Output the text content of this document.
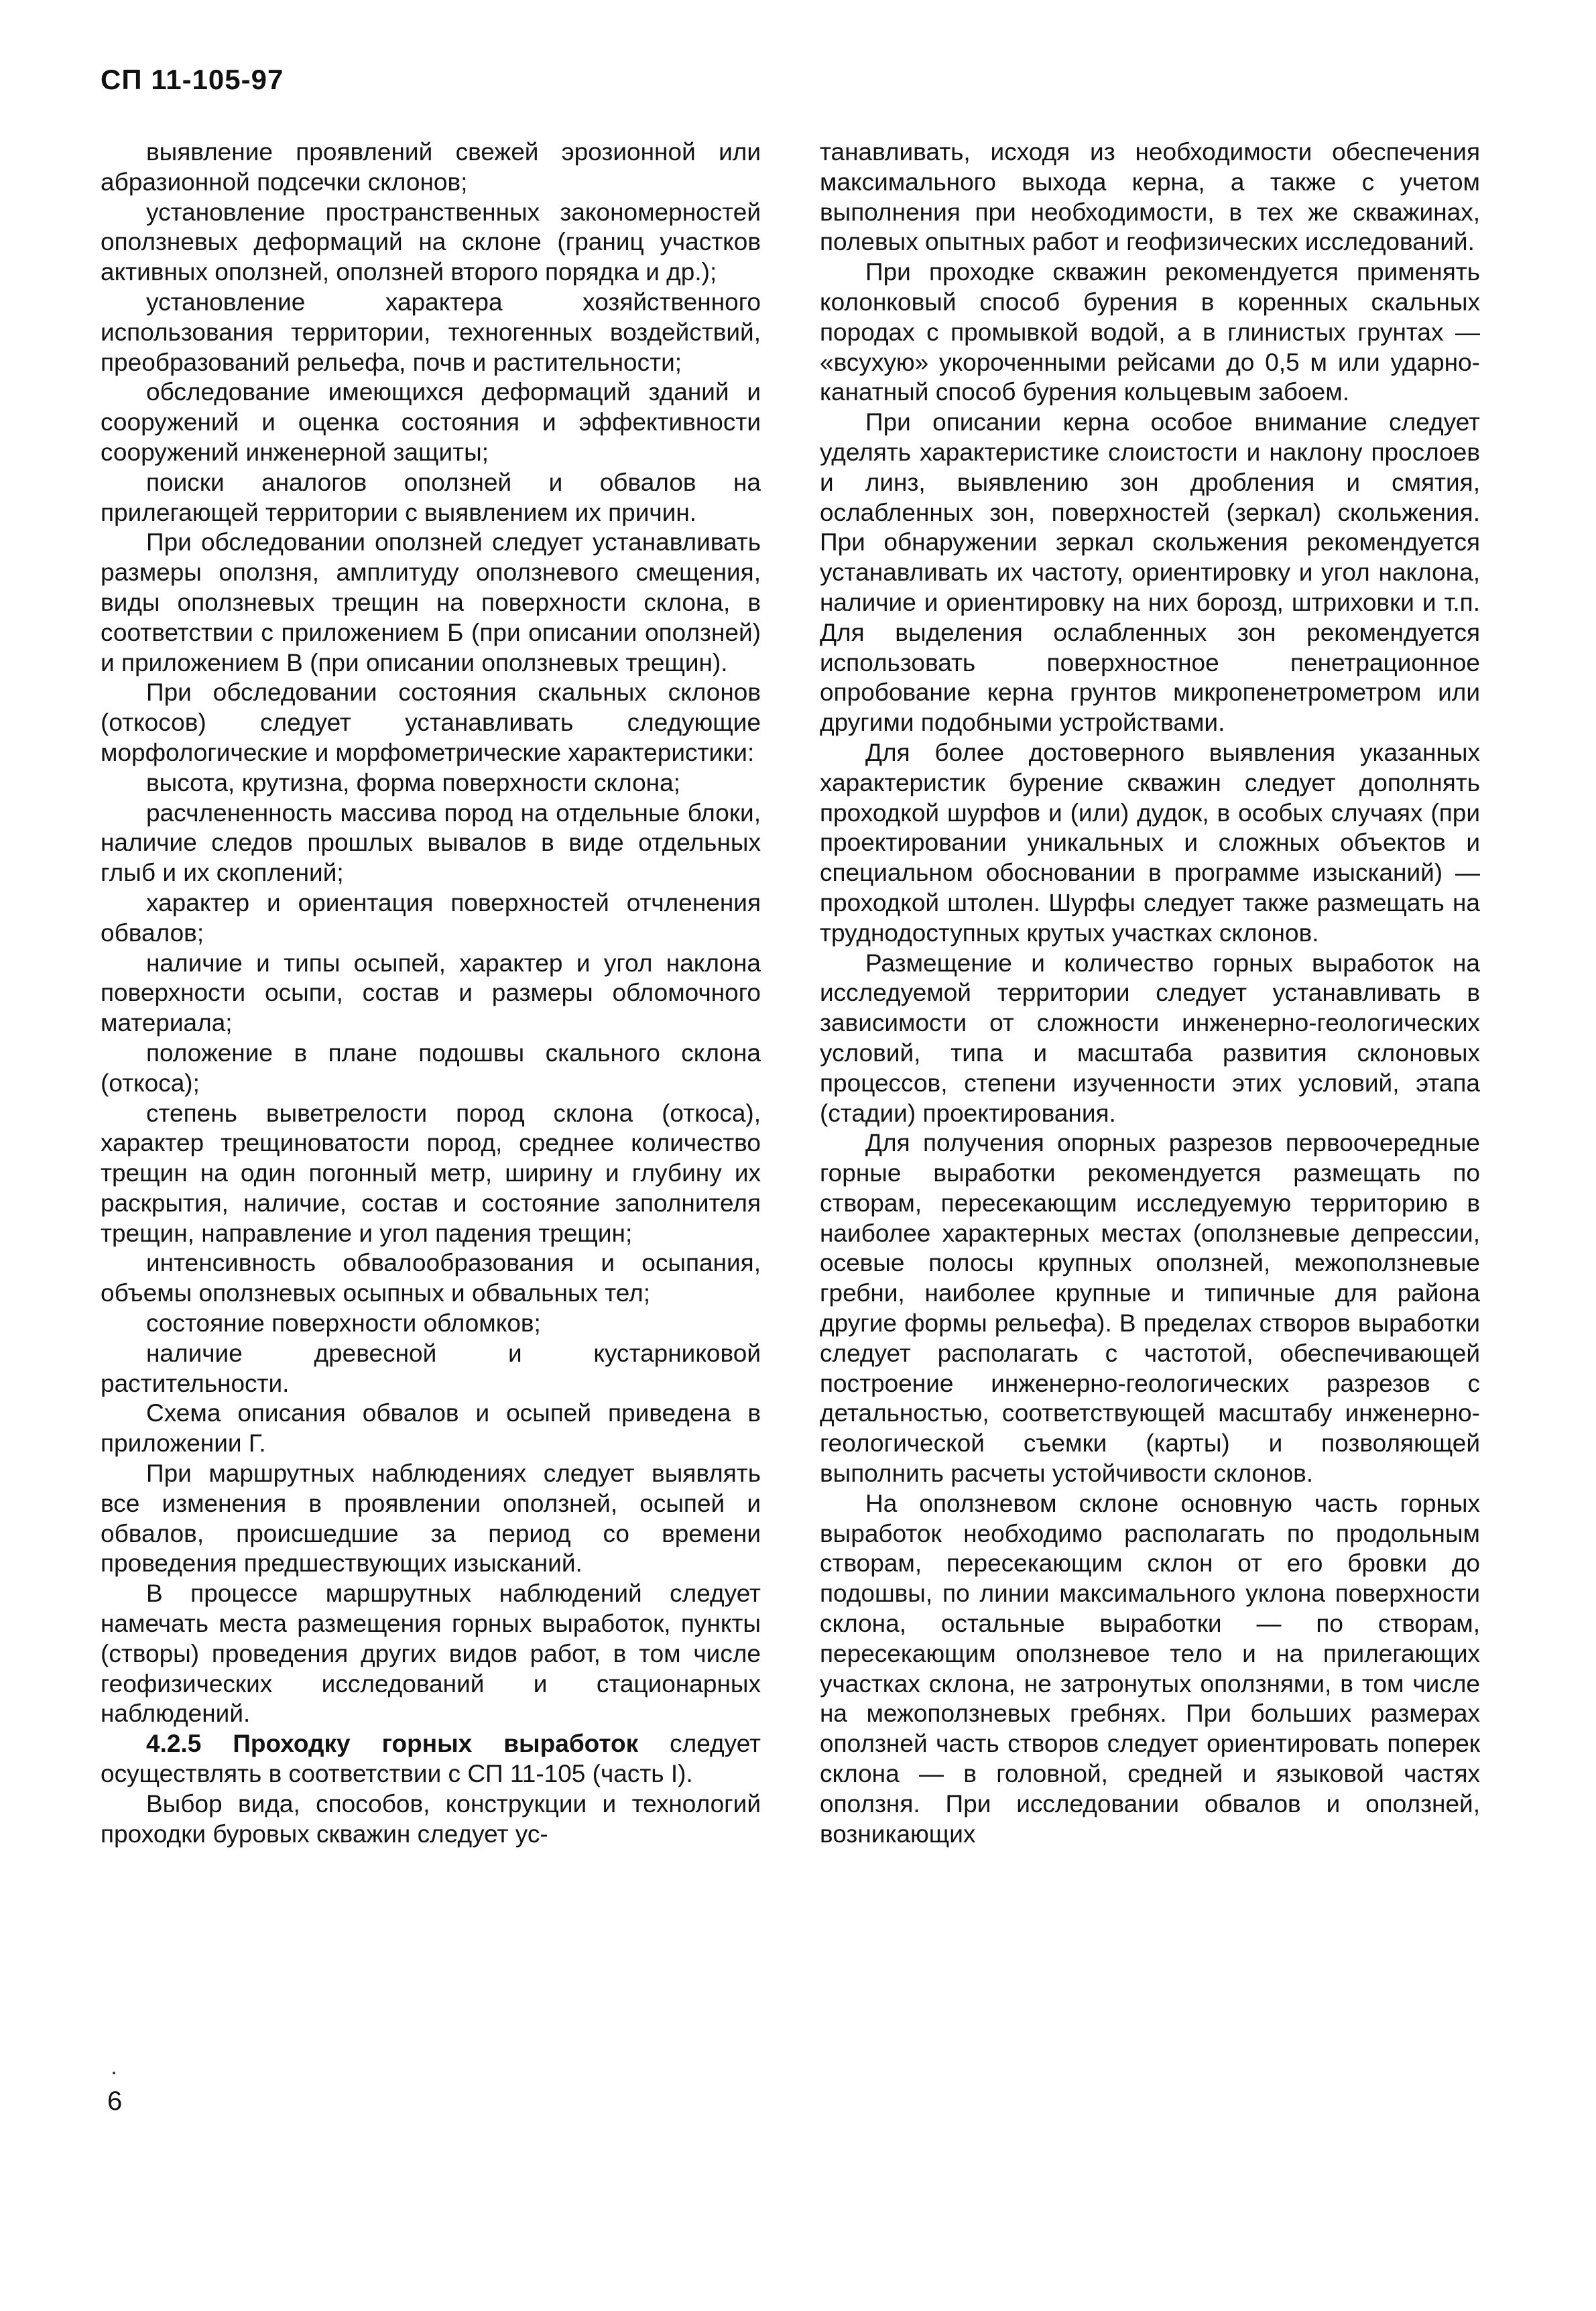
СП 11-105-97

выявление проявлений свежей эрозионной или абразионной подсечки склонов;

установление пространственных закономерностей оползневых деформаций на склоне (границ участков активных оползней, оползней второго порядка и др.);

установление характера хозяйственного использования территории, техногенных воздействий, преобразований рельефа, почв и растительности;

обследование имеющихся деформаций зданий и сооружений и оценка состояния и эффективности сооружений инженерной защиты;

поиски аналогов оползней и обвалов на прилегающей территории с выявлением их причин.

При обследовании оползней следует устанавливать размеры оползня, амплитуду оползневого смещения, виды оползневых трещин на поверхности склона, в соответствии с приложением Б (при описании оползней) и приложением В (при описании оползневых трещин).

При обследовании состояния скальных склонов (откосов) следует устанавливать следующие морфологические и морфометрические характеристики:

высота, крутизна, форма поверхности склона;

расчлененность массива пород на отдельные блоки, наличие следов прошлых вывалов в виде отдельных глыб и их скоплений;

характер и ориентация поверхностей отчленения обвалов;

наличие и типы осыпей, характер и угол наклона поверхности осыпи, состав и размеры обломочного материала;

положение в плане подошвы скального склона (откоса);

степень выветрелости пород склона (откоса), характер трещиноватости пород, среднее количество трещин на один погонный метр, ширину и глубину их раскрытия, наличие, состав и состояние заполнителя трещин, направление и угол падения трещин;

интенсивность обвалообразования и осыпания, объемы оползневых осыпных и обвальных тел;

состояние поверхности обломков;

наличие древесной и кустарниковой растительности.

Схема описания обвалов и осыпей приведена в приложении Г.

При маршрутных наблюдениях следует выявлять все изменения в проявлении оползней, осыпей и обвалов, происшедшие за период со времени проведения предшествующих изысканий.

В процессе маршрутных наблюдений следует намечать места размещения горных выработок, пункты (створы) проведения других видов работ, в том числе геофизических исследований и стационарных наблюдений.

4.2.5 Проходку горных выработок следует осуществлять в соответствии с СП 11-105 (часть I).

Выбор вида, способов, конструкции и технологий проходки буровых скважин следует ус-

танавливать, исходя из необходимости обеспечения максимального выхода керна, а также с учетом выполнения при необходимости, в тех же скважинах, полевых опытных работ и геофизических исследований.

При проходке скважин рекомендуется применять колонковый способ бурения в коренных скальных породах с промывкой водой, а в глинистых грунтах — «всухую» укороченными рейсами до 0,5 м или ударно-канатный способ бурения кольцевым забоем.

При описании керна особое внимание следует уделять характеристике слоистости и наклону прослоев и линз, выявлению зон дробления и смятия, ослабленных зон, поверхностей (зеркал) скольжения. При обнаружении зеркал скольжения рекомендуется устанавливать их частоту, ориентировку и угол наклона, наличие и ориентировку на них борозд, штриховки и т.п. Для выделения ослабленных зон рекомендуется использовать поверхностное пенетрационное опробование керна грунтов микропенетрометром или другими подобными устройствами.

Для более достоверного выявления указанных характеристик бурение скважин следует дополнять проходкой шурфов и (или) дудок, в особых случаях (при проектировании уникальных и сложных объектов и специальном обосновании в программе изысканий) — проходкой штолен. Шурфы следует также размещать на труднодоступных крутых участках склонов.

Размещение и количество горных выработок на исследуемой территории следует устанавливать в зависимости от сложности инженерно-геологических условий, типа и масштаба развития склоновых процессов, степени изученности этих условий, этапа (стадии) проектирования.

Для получения опорных разрезов первоочередные горные выработки рекомендуется размещать по створам, пересекающим исследуемую территорию в наиболее характерных местах (оползневые депрессии, осевые полосы крупных оползней, межоползневые гребни, наиболее крупные и типичные для района другие формы рельефа). В пределах створов выработки следует располагать с частотой, обеспечивающей построение инженерно-геологических разрезов с детальностью, соответствующей масштабу инженерно-геологической съемки (карты) и позволяющей выполнить расчеты устойчивости склонов.

На оползневом склоне основную часть горных выработок необходимо располагать по продольным створам, пересекающим склон от его бровки до подошвы, по линии максимального уклона поверхности склона, остальные выработки — по створам, пересекающим оползневое тело и на прилегающих участках склона, не затронутых оползнями, в том числе на межоползневых гребнях. При больших размерах оползней часть створов следует ориентировать поперек склона — в головной, средней и языковой частях оползня. При исследовании обвалов и оползней, возникающих

6
